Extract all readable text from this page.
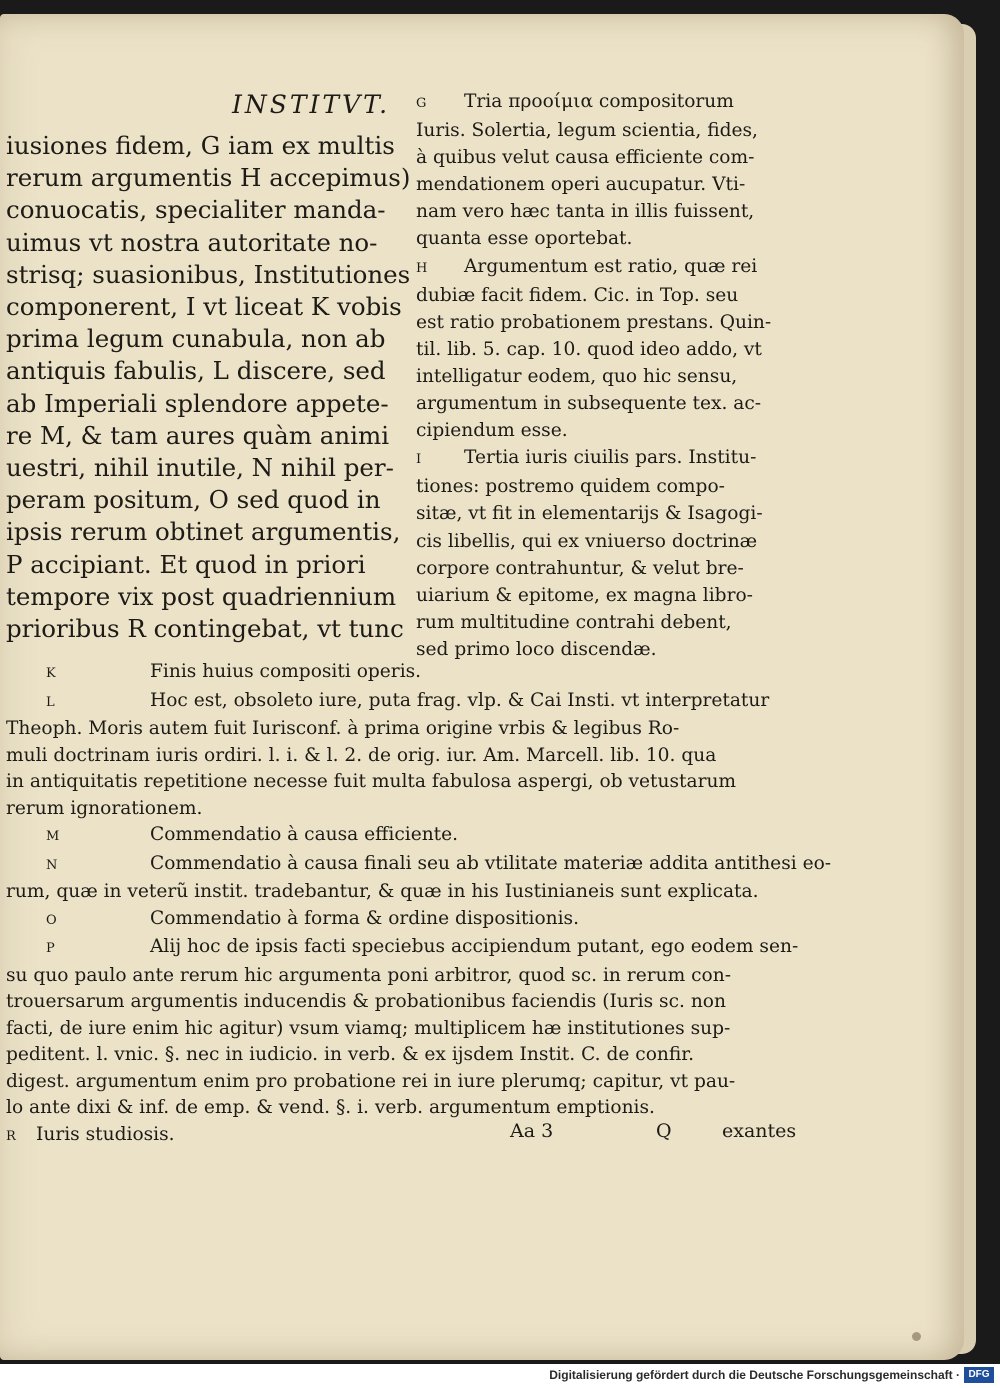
INSTITVT.
iusiones fidem, G iam ex multis
rerum argumentis H accepimus)
conuocatis, specialiter manda-
uimus vt nostra autoritate no-
strisq; suasionibus, Institutiones
componerent, I vt liceat K vobis
prima legum cunabula, non ab
antiquis fabulis, L discere, sed
ab Imperiali splendore appete-
re M, & tam aures quàm animi
uestri, nihil inutile, N nihil per-
peram positum, O sed quod in
ipsis rerum obtinet argumentis,
P accipiant. Et quod in priori
tempore vix post quadriennium
prioribus R contingebat, vt tunc
G Tria προοίμια compositorum
Iuris. Solertia, legum scientia, fides,
à quibus velut causa efficiente com-
mendationem operi aucupatur. Vti-
nam vero hæc tanta in illis fuissent,
quanta esse oportebat.
H Argumentum est ratio, quæ rei
dubiæ facit fidem. Cic. in Top. seu
est ratio probationem prestans. Quin-
til. lib. 5. cap. 10. quod ideo addo, vt
intelligatur eodem, quo hic sensu,
argumentum in subsequente tex. ac-
cipiendum esse.
I Tertia iuris ciuilis pars. Institu-
tiones: postremo quidem compo-
sitæ, vt fit in elementarijs & Isagogi-
cis libellis, qui ex vniuerso doctrinæ
corpore contrahuntur, & velut bre-
uiarium & epitome, ex magna libro-
rum multitudine contrahi debent,
sed primo loco discendæ.
K	Finis huius compositi operis.
L	Hoc est, obsoleto iure, puta frag. vlp. & Cai Insti. vt interpretatur
Theoph. Moris autem fuit Iurisconf. à prima origine vrbis & legibus Ro-
muli doctrinam iuris ordiri. l. i. & l. 2. de orig. iur. Am. Marcell. lib. 10. qua
in antiquitatis repetitione necesse fuit multa fabulosa aspergi, ob vetustarum
rerum ignorationem.
M	Commendatio à causa efficiente.
N	Commendatio à causa finali seu ab vtilitate materiæ addita antithesi eo-
rum, quæ in veterũ instit. tradebantur, & quæ in his Iustinianeis sunt explicata.
O	Commendatio à forma & ordine dispositionis.
P	Alij hoc de ipsis facti speciebus accipiendum putant, ego eodem sen-
su quo paulo ante rerum hic argumenta poni arbitror, quod sc. in rerum con-
trouersarum argumentis inducendis & probationibus faciendis (Iuris sc. non
facti, de iure enim hic agitur) vsum viamq; multiplicem hæ institutiones sup-
peditent. l. vnic. §. nec in iudicio. in verb. & ex ijsdem Instit. C. de confir.
digest. argumentum enim pro probatione rei in iure plerumq; capitur, vt pau-
lo ante dixi & inf. de emp. & vend. §. i. verb. argumentum emptionis.
R Iuris studiosis.	Aa 3	Q	exantes
Digitalisierung gefördert durch die Deutsche Forschungsgemeinschaft · DFG
